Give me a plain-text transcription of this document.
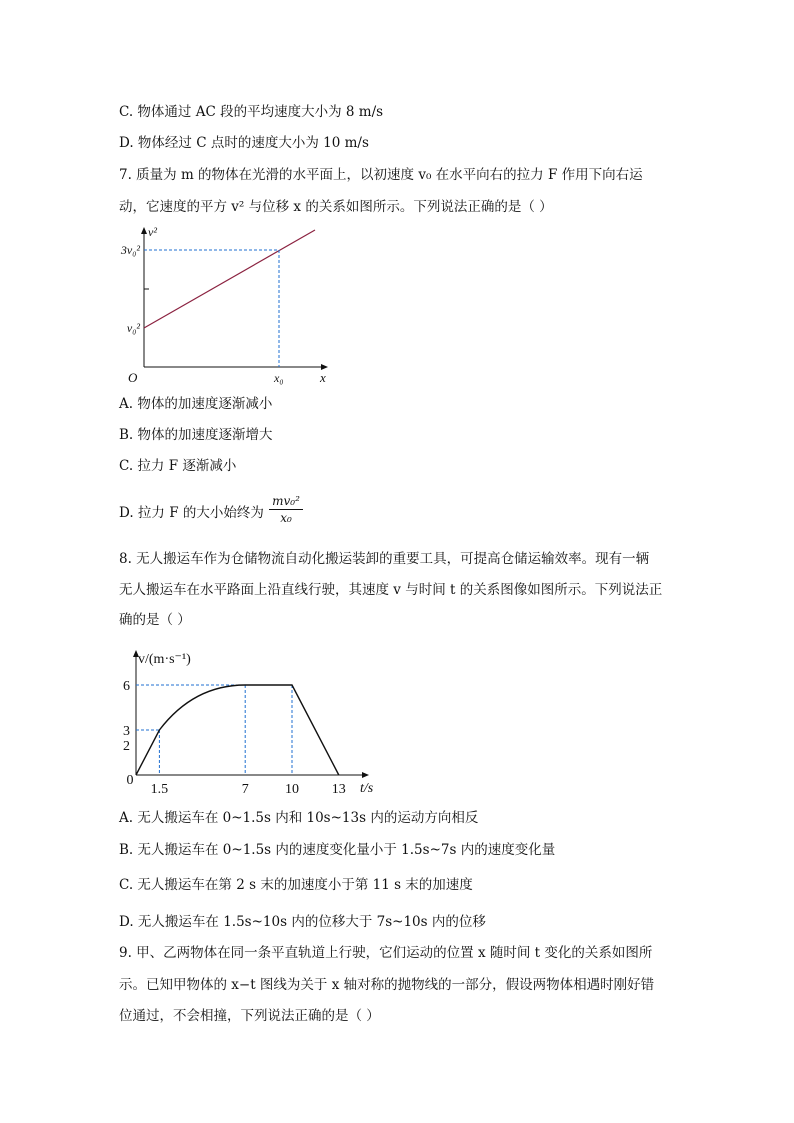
C. 物体通过 AC 段的平均速度大小为 8 m/s
D. 物体经过 C 点时的速度大小为 10 m/s
7. 质量为 m 的物体在光滑的水平面上，以初速度 v₀ 在水平向右的拉力 F 作用下向右运
动，它速度的平方 v² 与位移 x 的关系如图所示。下列说法正确的是（ ）
v²
3v₀²
v₀²
O	x₀	x
A. 物体的加速度逐渐减小
B. 物体的加速度逐渐增大
C. 拉力 F 逐渐减小
D. 拉力 F 的大小始终为 $\frac{\text{mv₀²}}{\text{x₀}}$
8. 无人搬运车作为仓储物流自动化搬运装卸的重要工具，可提高仓储运输效率。现有一辆
无人搬运车在水平路面上沿直线行驶，其速度 v 与时间 t 的关系图像如图所示。下列说法正
确的是（ ）
0
1.5	7	10 13
2
3
6
v/(m·s⁻¹)
t/s
A. 无人搬运车在 0~1.5s 内和 10s~13s 内的运动方向相反
B. 无人搬运车在 0~1.5s 内的速度变化量小于 1.5s~7s 内的速度变化量
C. 无人搬运车在第 2 s 末的加速度小于第 11 s 末的加速度
D. 无人搬运车在 1.5s~10s 内的位移大于 7s~10s 内的位移
9. 甲、乙两物体在同一条平直轨道上行驶，它们运动的位置 x 随时间 t 变化的关系如图所
示。已知甲物体的 x−t 图线为关于 x 轴对称的抛物线的一部分，假设两物体相遇时刚好错
位通过，不会相撞，下列说法正确的是（ ）
